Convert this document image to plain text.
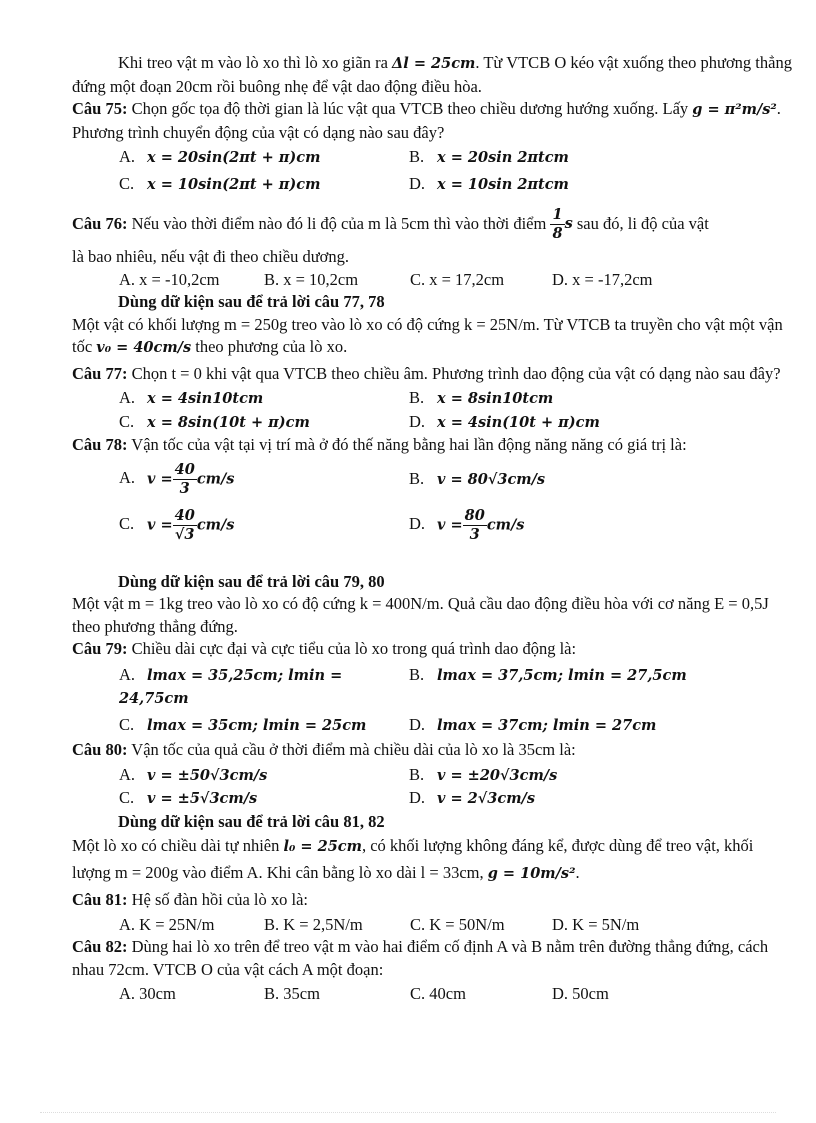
Khi treo vật m vào lò xo thì lò xo giãn ra Δl = 25cm. Từ VTCB O kéo vật xuống theo phương thẳng đứng một đoạn 20cm rồi buông nhẹ để vật dao động điều hòa.

Câu 75: Chọn gốc tọa độ thời gian là lúc vật qua VTCB theo chiều dương hướng xuống. Lấy g = π²m/s². Phương trình chuyển động của vật có dạng nào sau đây?

A. x = 20sin(2πt + π)cm	B. x = 20sin 2πtcm
C. x = 10sin(2πt + π)cm	D. x = 10sin 2πtcm

Câu 76: Nếu vào thời điểm nào đó li độ của m là 5cm thì vào thời điểm $\frac{1}{8}$ s sau đó, li độ của vật

là bao nhiêu, nếu vật đi theo chiều dương.

A. x = -10,2cm	B. x = 10,2cm	C. x = 17,2cm	D. x = -17,2cm

Dùng dữ kiện sau để trả lời câu 77, 78

Một vật có khối lượng m = 250g treo vào lò xo có độ cứng k = 25N/m. Từ VTCB ta truyền cho vật một vận tốc v₀ = 40cm/s theo phương của lò xo.

Câu 77: Chọn t = 0 khi vật qua VTCB theo chiều âm. Phương trình dao động của vật có dạng nào sau đây?

A. x = 4sin10tcm	B. x = 8sin10tcm
C. x = 8sin(10t + π)cm	D. x = 4sin(10t + π)cm

Câu 78: Vận tốc của vật tại vị trí mà ở đó thế năng bằng hai lần động năng năng có giá trị là:

A. $v = \frac{40}{3} cm/s$	B. v = 80√3cm/s
C. $v = \frac{40}{√3} cm/s$	D. $v = \frac{80}{3} cm/s$

Dùng dữ kiện sau để trả lời câu 79, 80

Một vật m = 1kg treo vào lò xo có độ cứng k = 400N/m. Quả cầu dao động điều hòa với cơ năng E = 0,5J theo phương thẳng đứng.

Câu 79: Chiều dài cực đại và cực tiểu của lò xo trong quá trình dao động là:

A. lmax = 35,25cm; lmin = 24,75cm
B. lmax = 37,5cm; lmin = 27,5cm
C. lmax = 35cm; lmin = 25cm	D. lmax = 37cm; lmin = 27cm

Câu 80: Vận tốc của quả cầu ở thời điểm mà chiều dài của lò xo là 35cm là:

A. v = ±50√3cm/s	B. v = ±20√3cm/s
C. v = ±5√3cm/s	D. v = 2√3cm/s

Dùng dữ kiện sau để trả lời câu 81, 82

Một lò xo có chiều dài tự nhiên l₀ = 25cm, có khối lượng không đáng kể, được dùng để treo vật, khối lượng m = 200g vào điểm A. Khi cân bằng lò xo dài l = 33cm, g = 10m/s².

Câu 81: Hệ số đàn hồi của lò xo là:

A. K = 25N/m	B. K = 2,5N/m	C. K = 50N/m	D. K = 5N/m

Câu 82: Dùng hai lò xo trên để treo vật m vào hai điểm cố định A và B nằm trên đường thẳng đứng, cách nhau 72cm. VTCB O của vật cách A một đoạn:

A. 30cm	B. 35cm	C. 40cm	D. 50cm
